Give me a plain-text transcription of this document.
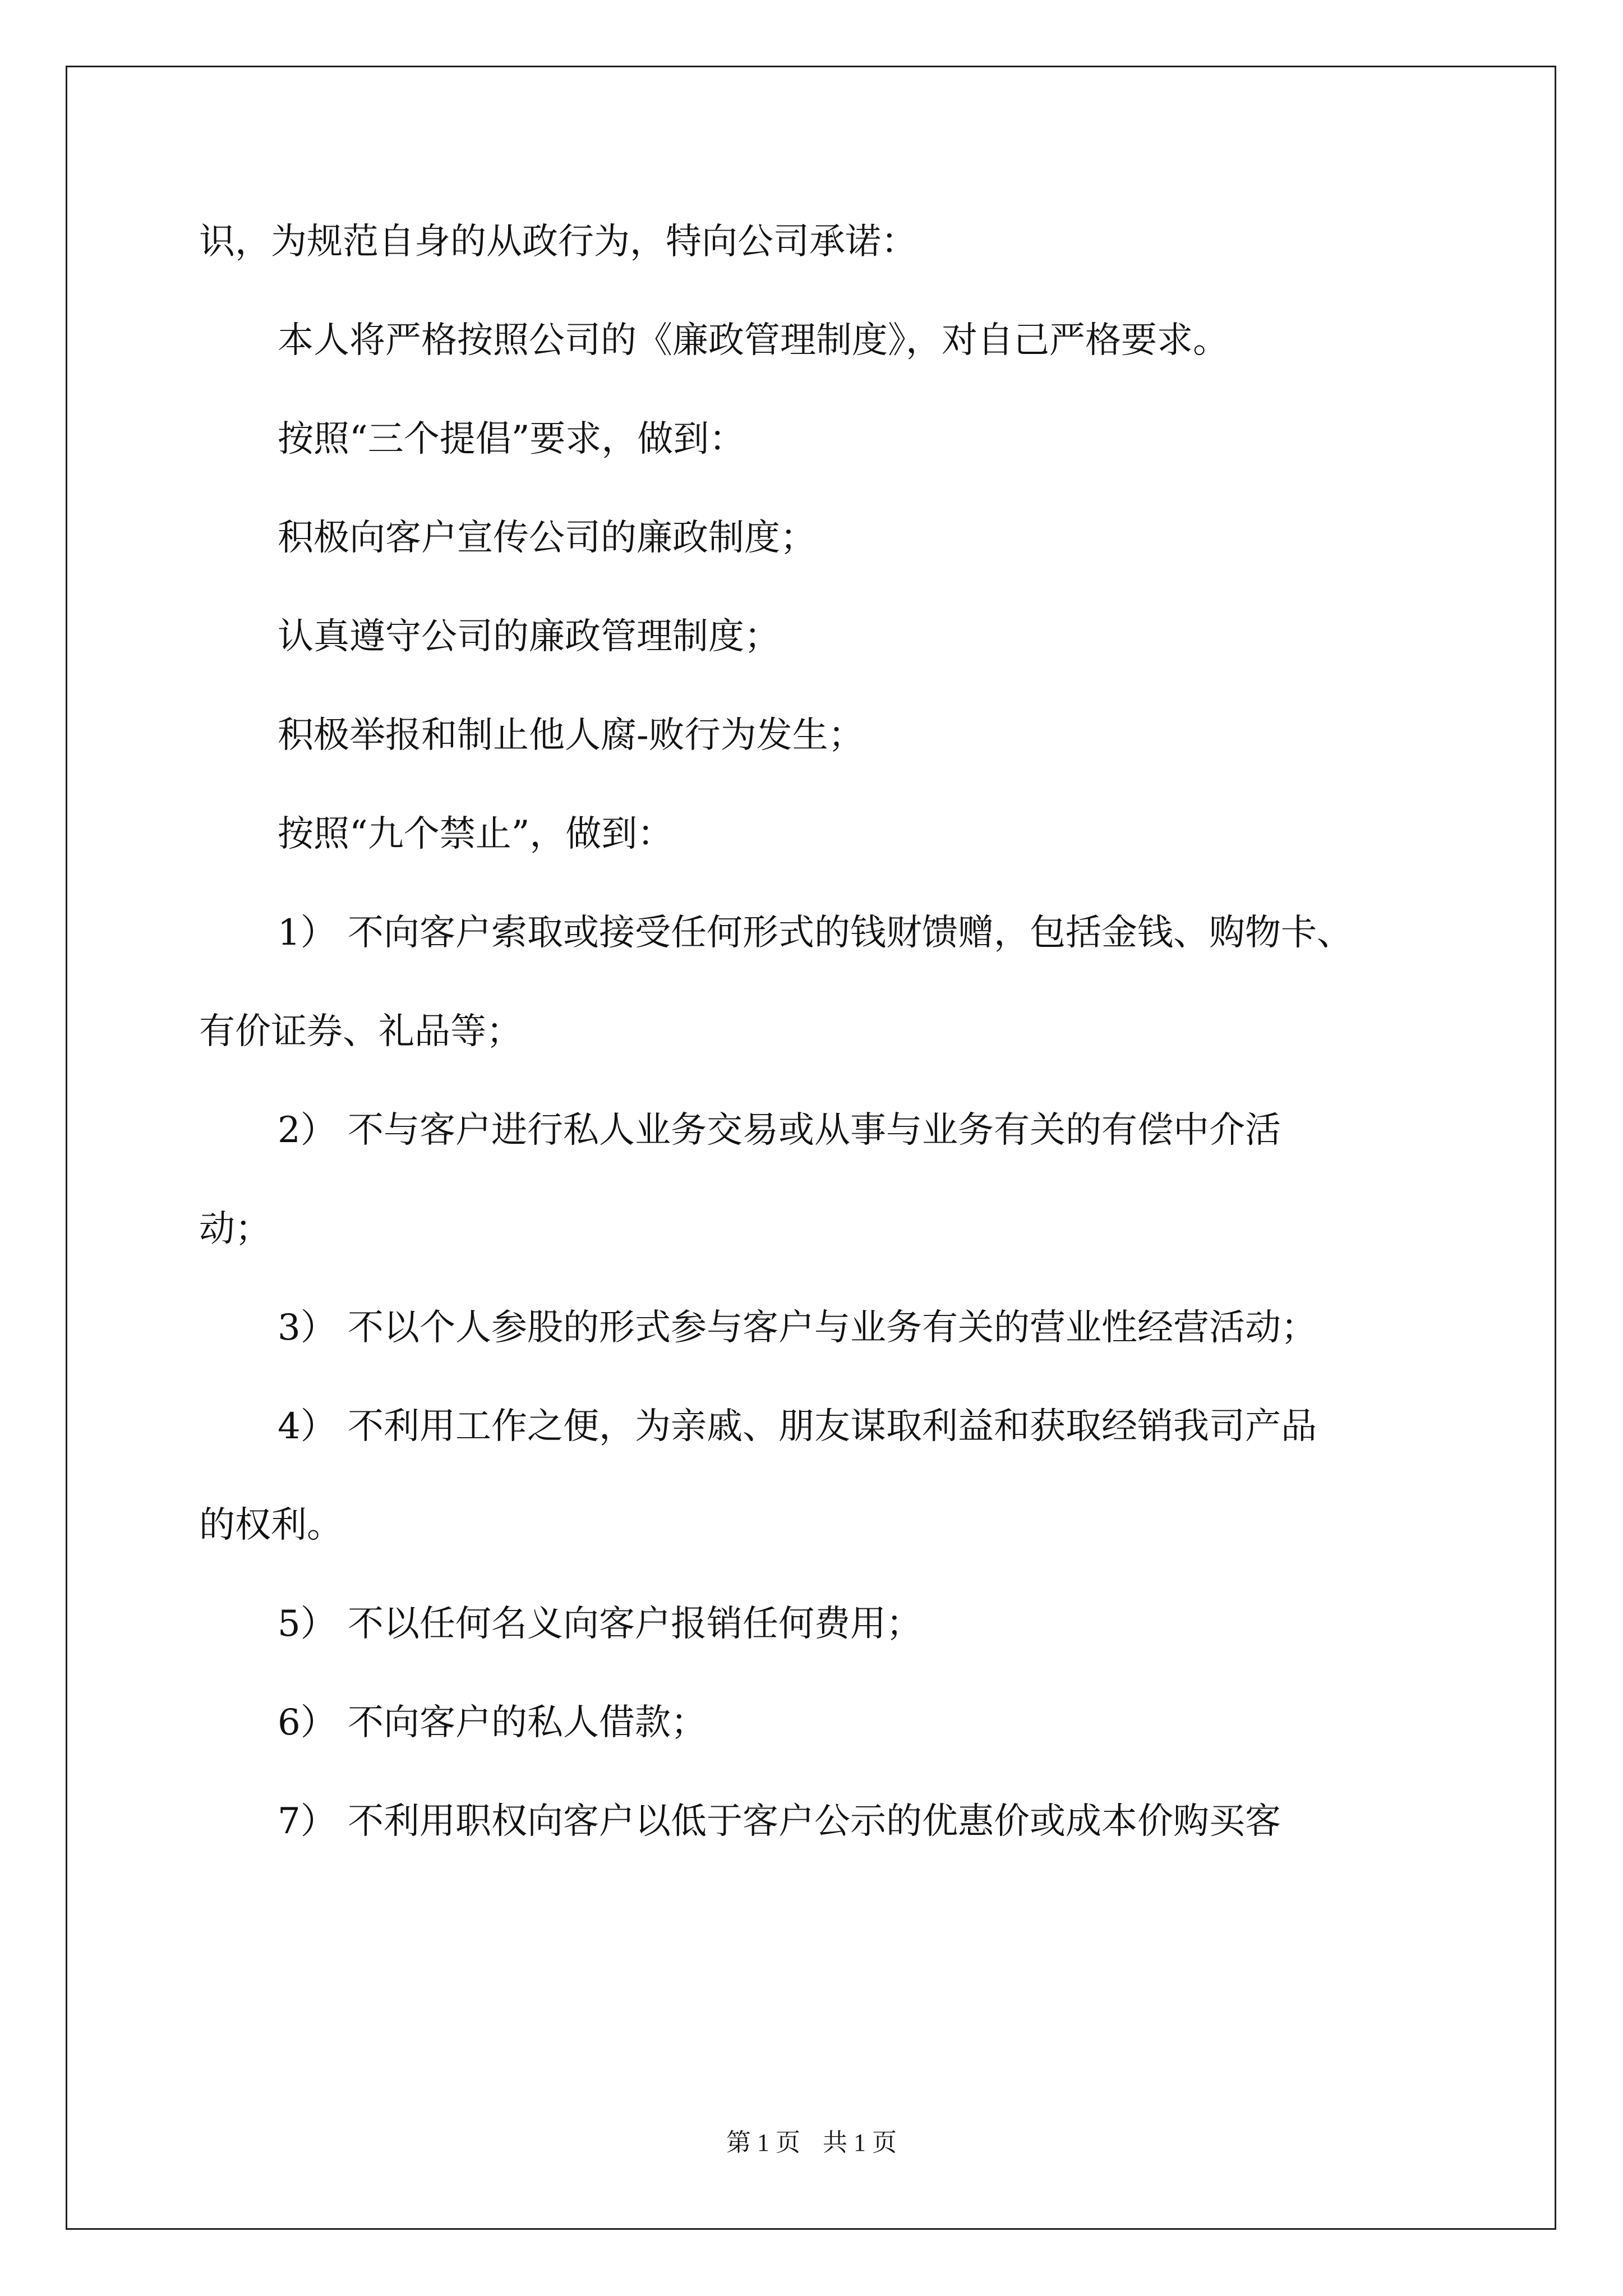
识，为规范自身的从政行为，特向公司承诺：
本人将严格按照公司的《廉政管理制度》，对自己严格要求。
按照“三个提倡”要求，做到：
积极向客户宣传公司的廉政制度；
认真遵守公司的廉政管理制度；
积极举报和制止他人腐-败行为发生；
按照“九个禁止”，做到：
1） 不向客户索取或接受任何形式的钱财馈赠，包括金钱、购物卡、
有价证券、礼品等；
2） 不与客户进行私人业务交易或从事与业务有关的有偿中介活
动；
3） 不以个人参股的形式参与客户与业务有关的营业性经营活动；
4） 不利用工作之便，为亲戚、朋友谋取利益和获取经销我司产品
的权利。
5） 不以任何名义向客户报销任何费用；
6） 不向客户的私人借款；
7） 不利用职权向客户以低于客户公示的优惠价或成本价购买客
第 1 页 共 1 页
